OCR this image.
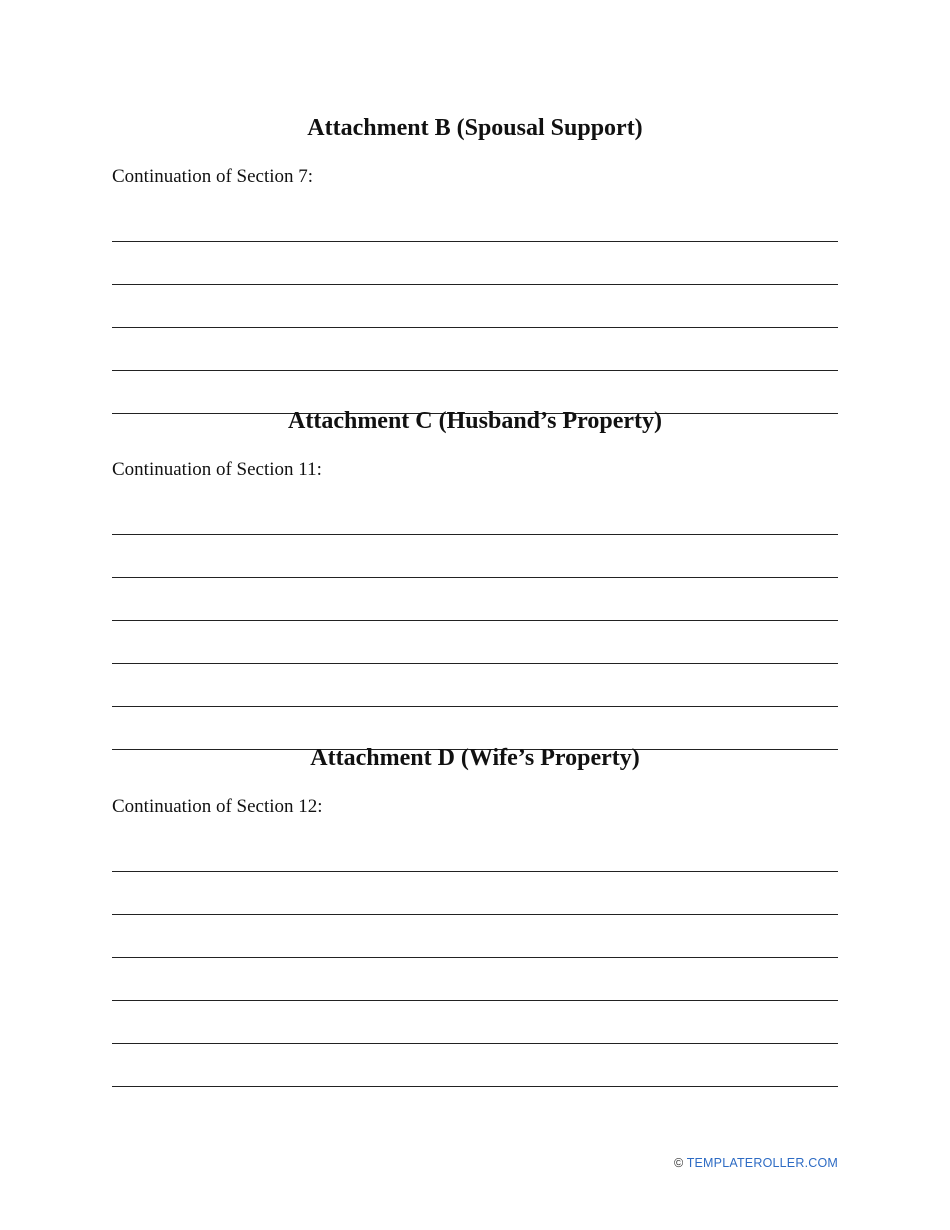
Attachment B (Spousal Support)

Continuation of Section 7:

Attachment C (Husband’s Property)

Continuation of Section 11:

Attachment D (Wife’s Property)

Continuation of Section 12:

© TEMPLATEROLLER.COM
